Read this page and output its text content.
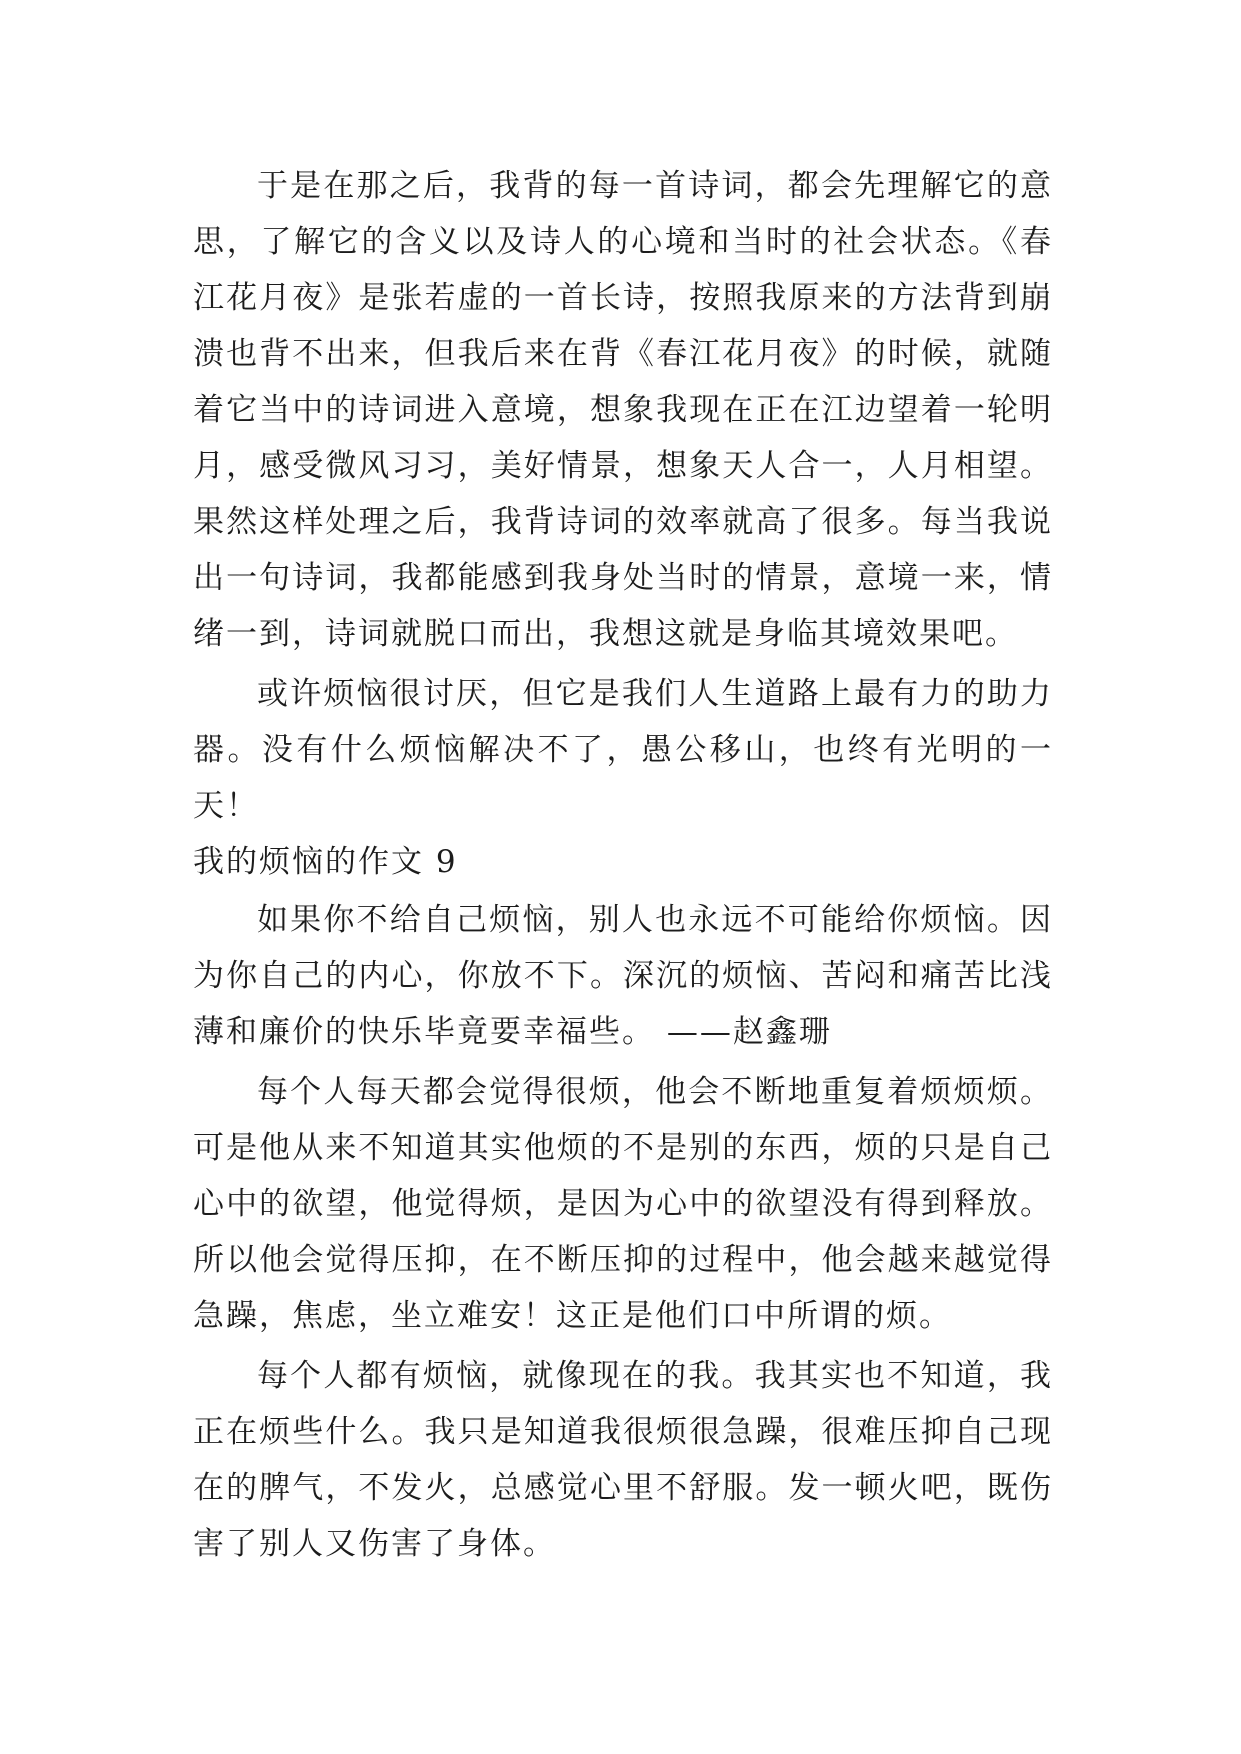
于是在那之后，我背的每一首诗词，都会先理解它的意思，了解它的含义以及诗人的心境和当时的社会状态。《春江花月夜》是张若虚的一首长诗，按照我原来的方法背到崩溃也背不出来，但我后来在背《春江花月夜》的时候，就随着它当中的诗词进入意境，想象我现在正在江边望着一轮明月，感受微风习习，美好情景，想象天人合一，人月相望。果然这样处理之后，我背诗词的效率就高了很多。每当我说出一句诗词，我都能感到我身处当时的情景，意境一来，情绪一到，诗词就脱口而出，我想这就是身临其境效果吧。

或许烦恼很讨厌，但它是我们人生道路上最有力的助力器。没有什么烦恼解决不了，愚公移山，也终有光明的一天！

我的烦恼的作文 9

如果你不给自己烦恼，别人也永远不可能给你烦恼。因为你自己的内心，你放不下。深沉的烦恼、苦闷和痛苦比浅薄和廉价的快乐毕竟要幸福些。 ——赵鑫珊

每个人每天都会觉得很烦，他会不断地重复着烦烦烦。可是他从来不知道其实他烦的不是别的东西，烦的只是自己心中的欲望，他觉得烦，是因为心中的欲望没有得到释放。所以他会觉得压抑，在不断压抑的过程中，他会越来越觉得急躁，焦虑，坐立难安！这正是他们口中所谓的烦。

每个人都有烦恼，就像现在的我。我其实也不知道，我正在烦些什么。我只是知道我很烦很急躁，很难压抑自己现在的脾气，不发火，总感觉心里不舒服。发一顿火吧，既伤害了别人又伤害了身体。
